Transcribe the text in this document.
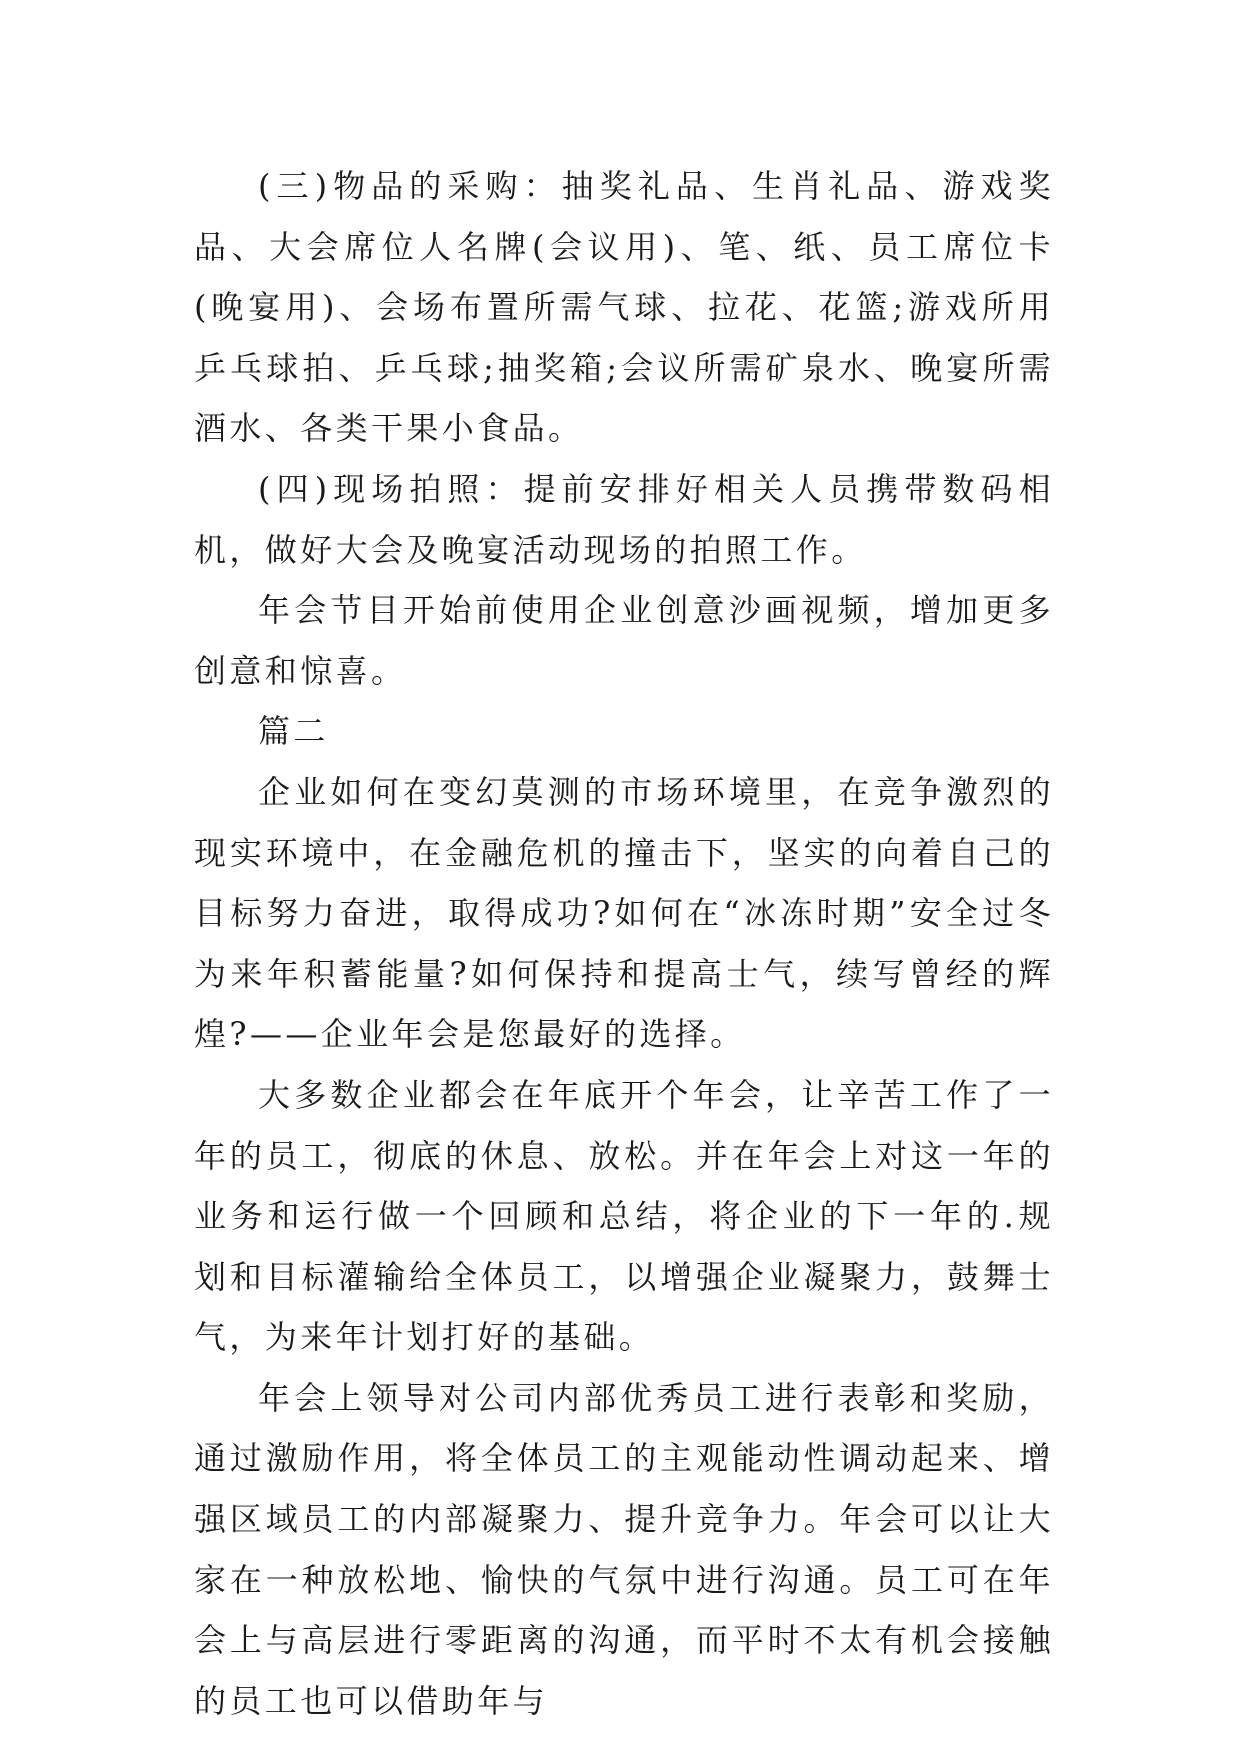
(三)物品的采购：抽奖礼品、生肖礼品、游戏奖品、大会席位人名牌(会议用)、笔、纸、员工席位卡(晚宴用)、会场布置所需气球、拉花、花篮;游戏所用乒乓球拍、乒乓球;抽奖箱;会议所需矿泉水、晚宴所需酒水、各类干果小食品。

(四)现场拍照：提前安排好相关人员携带数码相机，做好大会及晚宴活动现场的拍照工作。

年会节目开始前使用企业创意沙画视频，增加更多创意和惊喜。

篇二

企业如何在变幻莫测的市场环境里，在竞争激烈的现实环境中，在金融危机的撞击下，坚实的向着自己的目标努力奋进，取得成功?如何在“冰冻时期”安全过冬为来年积蓄能量?如何保持和提高士气，续写曾经的辉煌?——企业年会是您最好的选择。

大多数企业都会在年底开个年会，让辛苦工作了一年的员工，彻底的休息、放松。并在年会上对这一年的业务和运行做一个回顾和总结，将企业的下一年的.规划和目标灌输给全体员工，以增强企业凝聚力，鼓舞士气，为来年计划打好的基础。

年会上领导对公司内部优秀员工进行表彰和奖励，通过激励作用，将全体员工的主观能动性调动起来、增强区域员工的内部凝聚力、提升竞争力。年会可以让大家在一种放松地、愉快的气氛中进行沟通。员工可在年会上与高层进行零距离的沟通，而平时不太有机会接触的员工也可以借助年与
